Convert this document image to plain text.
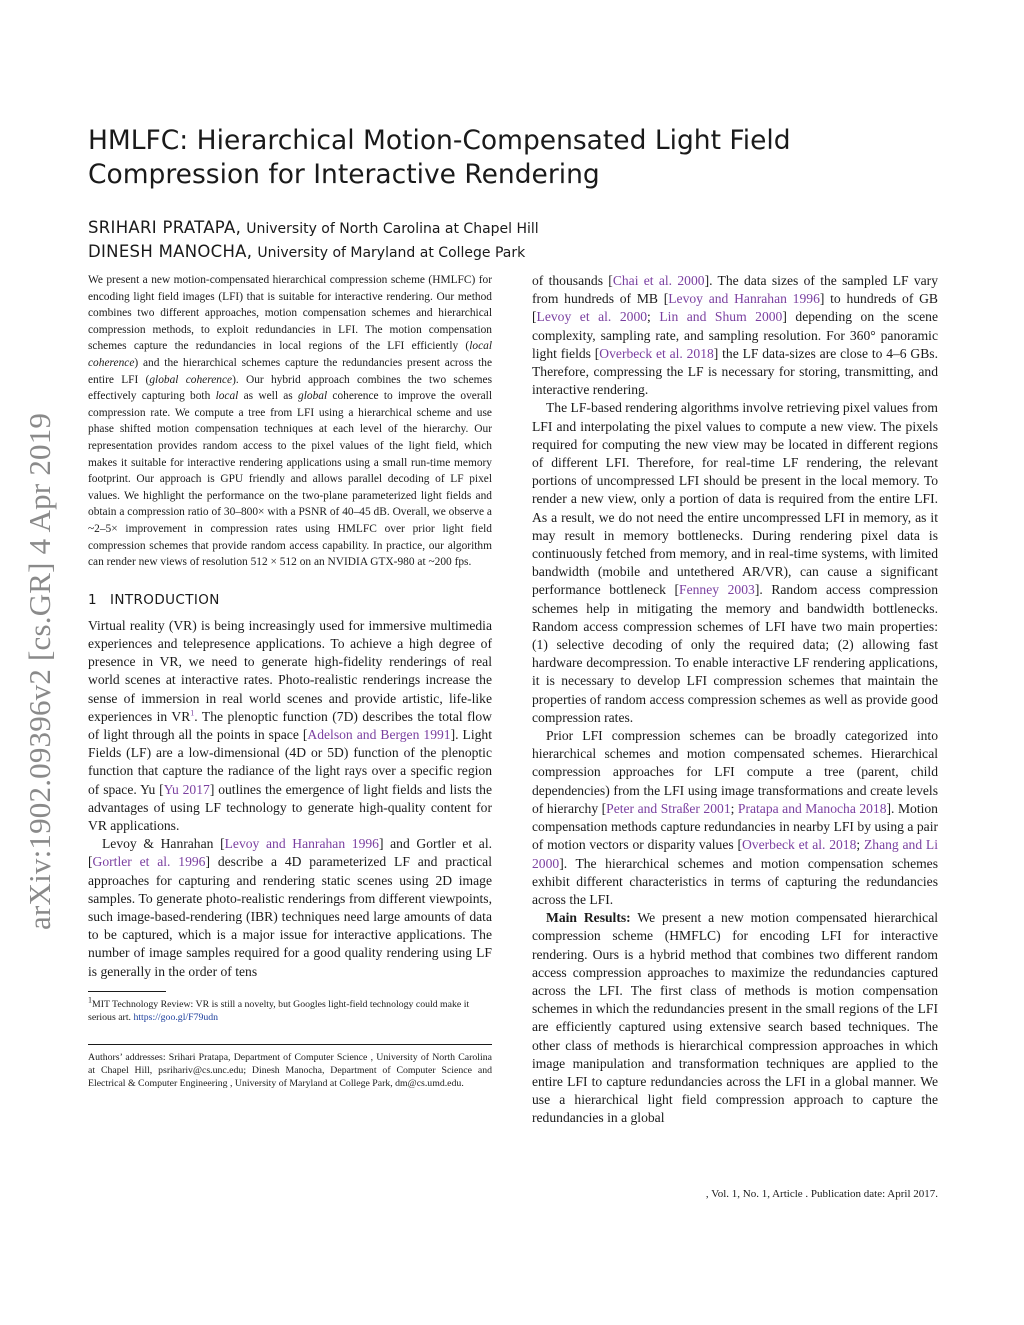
arXiv:1902.09396v2 [cs.GR] 4 Apr 2019
HMLFC: Hierarchical Motion-Compensated Light Field Compression for Interactive Rendering
SRIHARI PRATAPA, University of North Carolina at Chapel Hill
DINESH MANOCHA, University of Maryland at College Park

We present a new motion-compensated hierarchical compression scheme (HMLFC) for encoding light field images (LFI) that is suitable for interactive rendering. Our method combines two different approaches, motion compensation schemes and hierarchical compression methods, to exploit redundancies in LFI. The motion compensation schemes capture the redundancies in local regions of the LFI efficiently (local coherence) and the hierarchical schemes capture the redundancies present across the entire LFI (global coherence). Our hybrid approach combines the two schemes effectively capturing both local as well as global coherence to improve the overall compression rate. We compute a tree from LFI using a hierarchical scheme and use phase shifted motion compensation techniques at each level of the hierarchy. Our representation provides random access to the pixel values of the light field, which makes it suitable for interactive rendering applications using a small run-time memory footprint. Our approach is GPU friendly and allows parallel decoding of LF pixel values. We highlight the performance on the two-plane parameterized light fields and obtain a compression ratio of 30–800× with a PSNR of 40–45 dB. Overall, we observe a ~2–5× improvement in compression rates using HMLFC over prior light field compression schemes that provide random access capability. In practice, our algorithm can render new views of resolution 512 × 512 on an NVIDIA GTX-980 at ~200 fps.

1 INTRODUCTION

Virtual reality (VR) is being increasingly used for immersive multimedia experiences and telepresence applications. To achieve a high degree of presence in VR, we need to generate high-fidelity renderings of real world scenes at interactive rates. Photo-realistic renderings increase the sense of immersion in real world scenes and provide artistic, life-like experiences in VR$^1$. The plenoptic function (7D) describes the total flow of light through all the points in space [Adelson and Bergen 1991]. Light Fields (LF) are a low-dimensional (4D or 5D) function of the plenoptic function that capture the radiance of the light rays over a specific region of space. Yu [Yu 2017] outlines the emergence of light fields and lists the advantages of using LF technology to generate high-quality content for VR applications.

Levoy & Hanrahan [Levoy and Hanrahan 1996] and Gortler et al. [Gortler et al. 1996] describe a 4D parameterized LF and practical approaches for capturing and rendering static scenes using 2D image samples. To generate photo-realistic renderings from different viewpoints, such image-based-rendering (IBR) techniques need large amounts of data to be captured, which is a major issue for interactive applications. The number of image samples required for a good quality rendering using LF is generally in the order of tens

$^1$MIT Technology Review: VR is still a novelty, but Googles light-field technology could make it serious art. https://goo.gl/F79udn

Authors’ addresses: Srihari Pratapa, Department of Computer Science , University of North Carolina at Chapel Hill, psrihariv@cs.unc.edu; Dinesh Manocha, Department of Computer Science and Electrical & Computer Engineering , University of Maryland at College Park, dm@cs.umd.edu.

of thousands [Chai et al. 2000]. The data sizes of the sampled LF vary from hundreds of MB [Levoy and Hanrahan 1996] to hundreds of GB [Levoy et al. 2000; Lin and Shum 2000] depending on the scene complexity, sampling rate, and sampling resolution. For 360° panoramic light fields [Overbeck et al. 2018] the LF data-sizes are close to 4–6 GBs. Therefore, compressing the LF is necessary for storing, transmitting, and interactive rendering.

The LF-based rendering algorithms involve retrieving pixel values from LFI and interpolating the pixel values to compute a new view. The pixels required for computing the new view may be located in different regions of different LFI. Therefore, for real-time LF rendering, the relevant portions of uncompressed LFI should be present in the local memory. To render a new view, only a portion of data is required from the entire LFI. As a result, we do not need the entire uncompressed LFI in memory, as it may result in memory bottlenecks. During rendering pixel data is continuously fetched from memory, and in real-time systems, with limited bandwidth (mobile and untethered AR/VR), can cause a significant performance bottleneck [Fenney 2003]. Random access compression schemes help in mitigating the memory and bandwidth bottlenecks. Random access compression schemes of LFI have two main properties: (1) selective decoding of only the required data; (2) allowing fast hardware decompression. To enable interactive LF rendering applications, it is necessary to develop LFI compression schemes that maintain the properties of random access compression schemes as well as provide good compression rates.

Prior LFI compression schemes can be broadly categorized into hierarchical schemes and motion compensated schemes. Hierarchical compression approaches for LFI compute a tree (parent, child dependencies) from the LFI using image transformations and create levels of hierarchy [Peter and Straßer 2001; Pratapa and Manocha 2018]. Motion compensation methods capture redundancies in nearby LFI by using a pair of motion vectors or disparity values [Overbeck et al. 2018; Zhang and Li 2000]. The hierarchical schemes and motion compensation schemes exhibit different characteristics in terms of capturing the redundancies across the LFI.

Main Results: We present a new motion compensated hierarchical compression scheme (HMFLC) for encoding LFI for interactive rendering. Ours is a hybrid method that combines two different random access compression approaches to maximize the redundancies captured across the LFI. The first class of methods is motion compensation schemes in which the redundancies present in the small regions of the LFI are efficiently captured using extensive search based techniques. The other class of methods is hierarchical compression approaches in which image manipulation and transformation techniques are applied to the entire LFI to capture redundancies across the LFI in a global manner. We use a hierarchical light field compression approach to capture the redundancies in a global

, Vol. 1, No. 1, Article . Publication date: April 2017.
